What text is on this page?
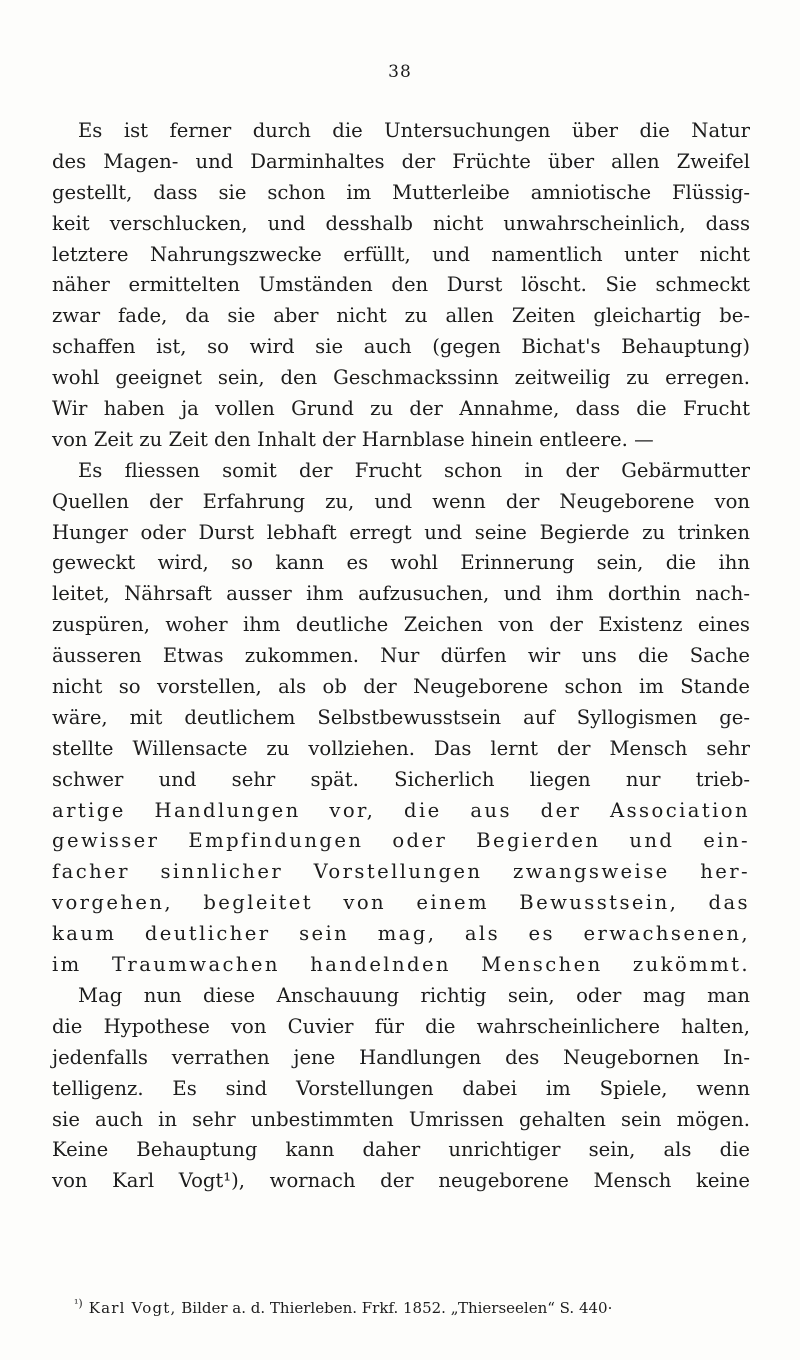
38
Es ist ferner durch die Untersuchungen über die Natur
des Magen- und Darminhaltes der Früchte über allen Zweifel
gestellt, dass sie schon im Mutterleibe amniotische Flüssig-
keit verschlucken, und desshalb nicht unwahrscheinlich, dass
letztere Nahrungszwecke erfüllt, und namentlich unter nicht
näher ermittelten Umständen den Durst löscht. Sie schmeckt
zwar fade, da sie aber nicht zu allen Zeiten gleichartig be-
schaffen ist, so wird sie auch (gegen Bichat's Behauptung)
wohl geeignet sein, den Geschmackssinn zeitweilig zu erregen.
Wir haben ja vollen Grund zu der Annahme, dass die Frucht
von Zeit zu Zeit den Inhalt der Harnblase hinein entleere. —
Es fliessen somit der Frucht schon in der Gebärmutter
Quellen der Erfahrung zu, und wenn der Neugeborene von
Hunger oder Durst lebhaft erregt und seine Begierde zu trinken
geweckt wird, so kann es wohl Erinnerung sein, die ihn
leitet, Nährsaft ausser ihm aufzusuchen, und ihm dorthin nach-
zuspüren, woher ihm deutliche Zeichen von der Existenz eines
äusseren Etwas zukommen. Nur dürfen wir uns die Sache
nicht so vorstellen, als ob der Neugeborene schon im Stande
wäre, mit deutlichem Selbstbewusstsein auf Syllogismen ge-
stellte Willensacte zu vollziehen. Das lernt der Mensch sehr
schwer und sehr spät. Sicherlich liegen nur trieb-
artige Handlungen vor, die aus der Association
gewisser Empfindungen oder Begierden und ein-
facher sinnlicher Vorstellungen zwangsweise her-
vorgehen, begleitet von einem Bewusstsein, das
kaum deutlicher sein mag, als es erwachsenen,
im Traumwachen handelnden Menschen zukömmt.
Mag nun diese Anschauung richtig sein, oder mag man
die Hypothese von Cuvier für die wahrscheinlichere halten,
jedenfalls verrathen jene Handlungen des Neugebornen In-
telligenz. Es sind Vorstellungen dabei im Spiele, wenn
sie auch in sehr unbestimmten Umrissen gehalten sein mögen.
Keine Behauptung kann daher unrichtiger sein, als die
von Karl Vogt¹), wornach der neugeborene Mensch keine
$^{^1)}$ Karl Vogt, Bilder a. d. Thierleben. Frkf. 1852. „Thierseelen“ S. 440·
